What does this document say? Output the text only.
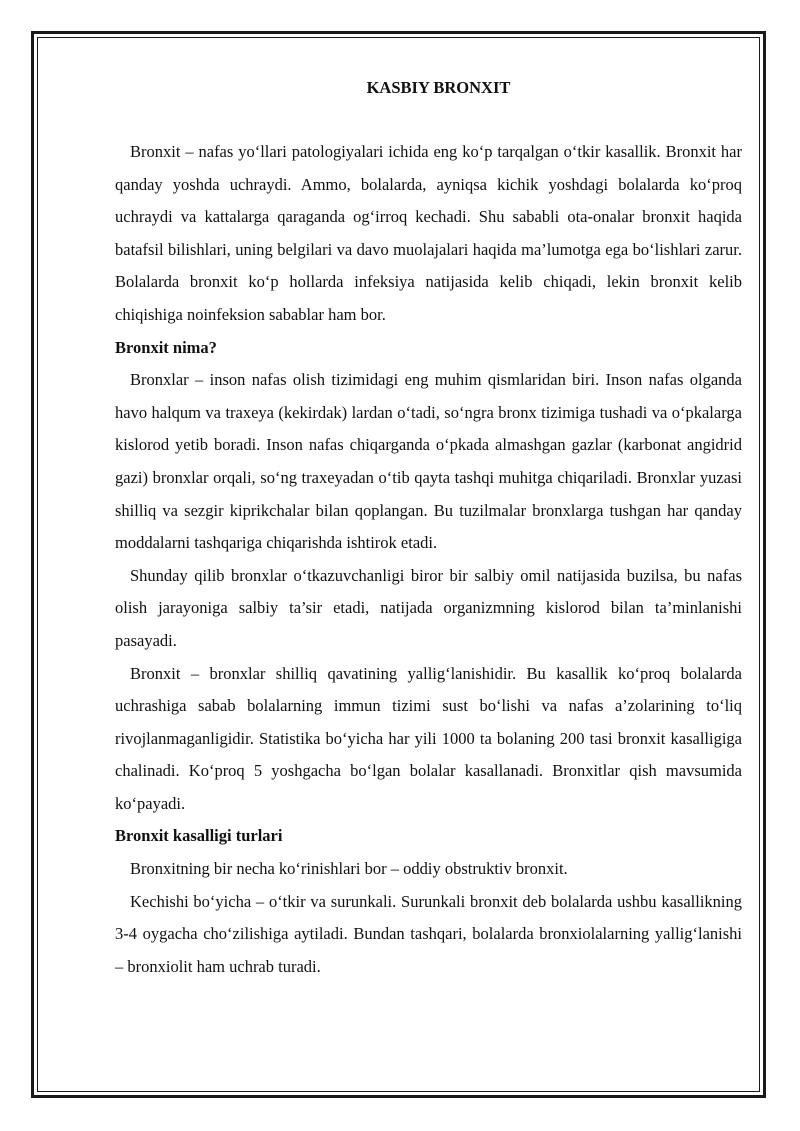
KASBIY BRONXIT

Bronxit – nafas yo‘llari patologiyalari ichida eng ko‘p tarqalgan o‘tkir kasallik. Bronxit har qanday yoshda uchraydi. Ammo, bolalarda, ayniqsa kichik yoshdagi bolalarda ko‘proq uchraydi va kattalarga qaraganda og‘irroq kechadi. Shu sababli ota-onalar bronxit haqida batafsil bilishlari, uning belgilari va davo muolajalari haqida ma’lumotga ega bo‘lishlari zarur. Bolalarda bronxit ko‘p hollarda infeksiya natijasida kelib chiqadi, lekin bronxit kelib chiqishiga noinfeksion sabablar ham bor.

Bronxit nima?

Bronxlar – inson nafas olish tizimidagi eng muhim qismlaridan biri. Inson nafas olganda havo halqum va traxeya (kekirdak) lardan o‘tadi, so‘ngra bronx tizimiga tushadi va o‘pkalarga kislorod yetib boradi. Inson nafas chiqarganda o‘pkada almashgan gazlar (karbonat angidrid gazi) bronxlar orqali, so‘ng traxeyadan o‘tib qayta tashqi muhitga chiqariladi. Bronxlar yuzasi shilliq va sezgir kiprikchalar bilan qoplangan. Bu tuzilmalar bronxlarga tushgan har qanday moddalarni tashqariga chiqarishda ishtirok etadi.

Shunday qilib bronxlar o‘tkazuvchanligi biror bir salbiy omil natijasida buzilsa, bu nafas olish jarayoniga salbiy ta’sir etadi, natijada organizmning kislorod bilan ta’minlanishi pasayadi.

Bronxit – bronxlar shilliq qavatining yallig‘lanishidir. Bu kasallik ko‘proq bolalarda uchrashiga sabab bolalarning immun tizimi sust bo‘lishi va nafas a’zolarining to‘liq rivojlanmaganligidir. Statistika bo‘yicha har yili 1000 ta bolaning 200 tasi bronxit kasalligiga chalinadi. Ko‘proq 5 yoshgacha bo‘lgan bolalar kasallanadi. Bronxitlar qish mavsumida ko‘payadi.

Bronxit kasalligi turlari

Bronxitning bir necha ko‘rinishlari bor – oddiy obstruktiv bronxit.

Kechishi bo‘yicha – o‘tkir va surunkali. Surunkali bronxit deb bolalarda ushbu kasallikning 3-4 oygacha cho‘zilishiga aytiladi. Bundan tashqari, bolalarda bronxiolalarning yallig‘lanishi – bronxiolit ham uchrab turadi.
